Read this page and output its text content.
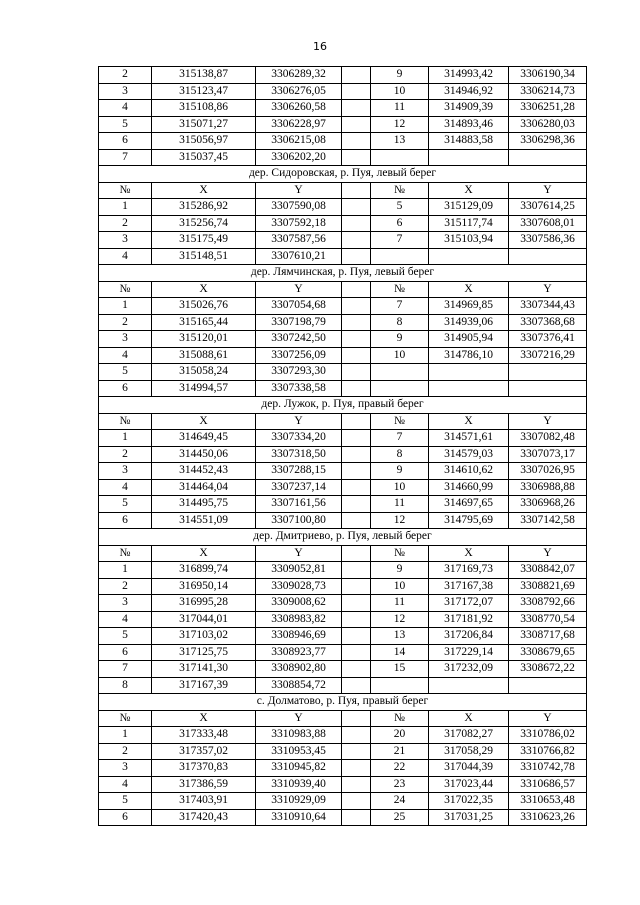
16
2	315138,87	3306289,32		9	314993,42	3306190,34
3	315123,47	3306276,05		10	314946,92	3306214,73
4	315108,86	3306260,58		11	314909,39	3306251,28
5	315071,27	3306228,97		12	314893,46	3306280,03
6	315056,97	3306215,08		13	314883,58	3306298,36
7	315037,45	3306202,20				
дер. Сидоровская, р. Пуя, левый берег						
№	X	Y		№	X	Y
1	315286,92	3307590,08		5	315129,09	3307614,25
2	315256,74	3307592,18		6	315117,74	3307608,01
3	315175,49	3307587,56		7	315103,94	3307586,36
4	315148,51	3307610,21				
дер. Лямчинская, р. Пуя, левый берег						
№	X	Y		№	X	Y
1	315026,76	3307054,68		7	314969,85	3307344,43
2	315165,44	3307198,79		8	314939,06	3307368,68
3	315120,01	3307242,50		9	314905,94	3307376,41
4	315088,61	3307256,09		10	314786,10	3307216,29
5	315058,24	3307293,30				
6	314994,57	3307338,58				
дер. Лужок, р. Пуя, правый берег						
№	X	Y		№	X	Y
1	314649,45	3307334,20		7	314571,61	3307082,48
2	314450,06	3307318,50		8	314579,03	3307073,17
3	314452,43	3307288,15		9	314610,62	3307026,95
4	314464,04	3307237,14		10	314660,99	3306988,88
5	314495,75	3307161,56		11	314697,65	3306968,26
6	314551,09	3307100,80		12	314795,69	3307142,58
дер. Дмитриево, р. Пуя, левый берег						
№	X	Y		№	X	Y
1	316899,74	3309052,81		9	317169,73	3308842,07
2	316950,14	3309028,73		10	317167,38	3308821,69
3	316995,28	3309008,62		11	317172,07	3308792,66
4	317044,01	3308983,82		12	317181,92	3308770,54
5	317103,02	3308946,69		13	317206,84	3308717,68
6	317125,75	3308923,77		14	317229,14	3308679,65
7	317141,30	3308902,80		15	317232,09	3308672,22
8	317167,39	3308854,72				
с. Долматово, р. Пуя, правый берег						
№	X	Y		№	X	Y
1	317333,48	3310983,88		20	317082,27	3310786,02
2	317357,02	3310953,45		21	317058,29	3310766,82
3	317370,83	3310945,82		22	317044,39	3310742,78
4	317386,59	3310939,40		23	317023,44	3310686,57
5	317403,91	3310929,09		24	317022,35	3310653,48
6	317420,43	3310910,64		25	317031,25	3310623,26
